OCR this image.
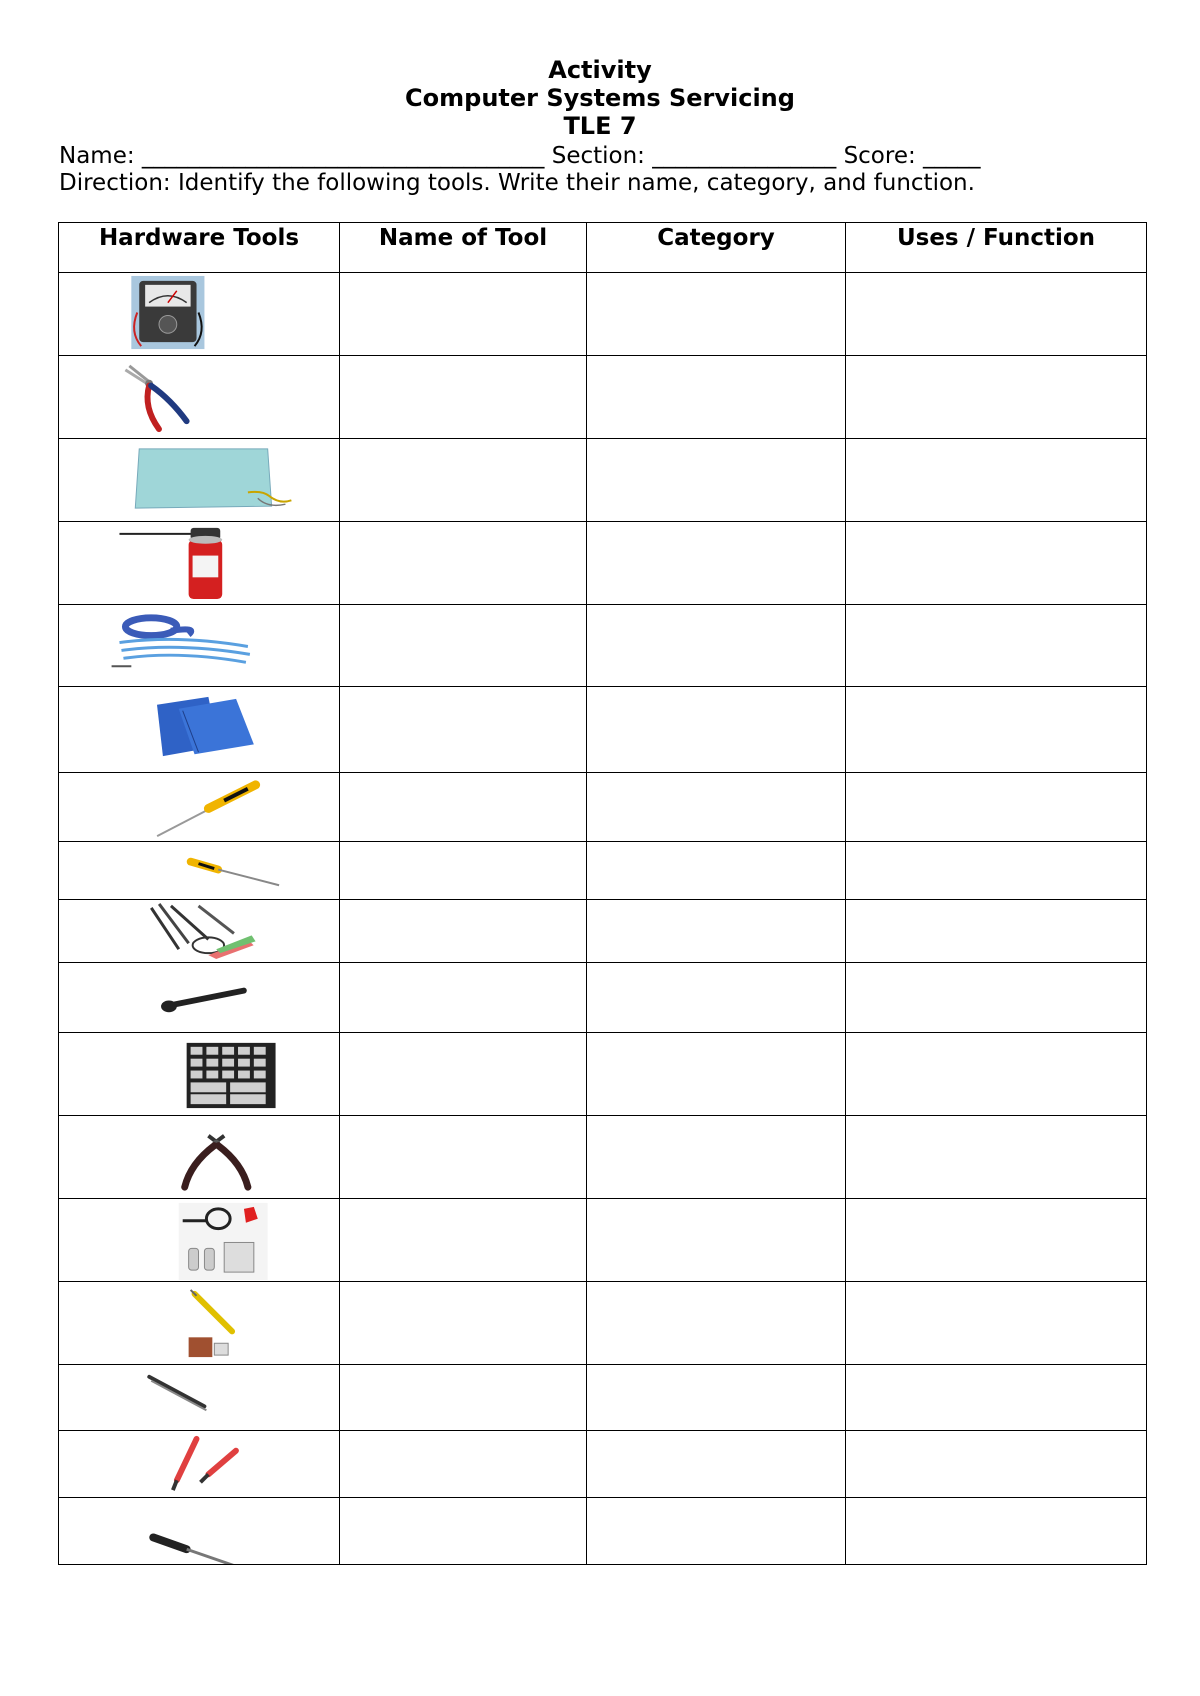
Activity
Computer Systems Servicing
TLE 7
Name: ___________________________________ Section: ________________ Score: _____
Direction: Identify the following tools. Write their name, category, and function.
Hardware Tools	Name of Tool	Category	Uses / Function
